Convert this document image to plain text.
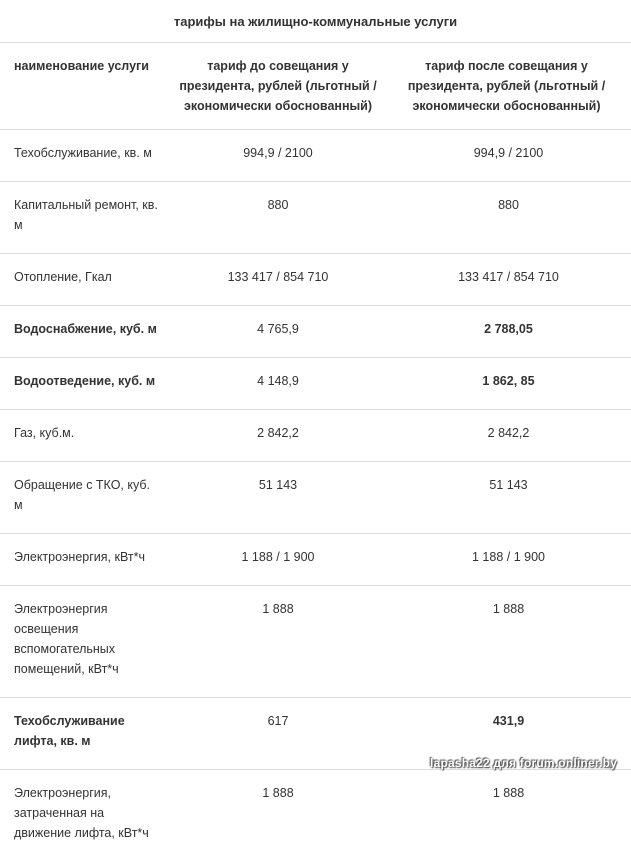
тарифы на жилищно-коммунальные услуги
наименование услуги	тариф до совещания у президента, рублей (льготный / экономически обоснованный)	тариф после совещания у президента, рублей (льготный / экономически обоснованный)
Техобслуживание, кв. м	994,9 / 2100	994,9 / 2100
Капитальный ремонт, кв. м	880	880
Отопление, Гкал	133 417 / 854 710	133 417 / 854 710
Водоснабжение, куб. м	4 765,9	2 788,05
Водоотведение, куб. м	4 148,9	1 862, 85
Газ, куб.м.	2 842,2	2 842,2
Обращение с ТКО, куб. м	51 143	51 143
Электроэнергия, кВт*ч	1 188 / 1 900	1 188 / 1 900
Электроэнергия освещения вспомогательных помещений, кВт*ч	1 888	1 888
Техобслуживание лифта, кв. м	617	431,9
Электроэнергия, затраченная на движение лифта, кВт*ч	1 888	1 888
lapasha22 для forum.onliner.by
